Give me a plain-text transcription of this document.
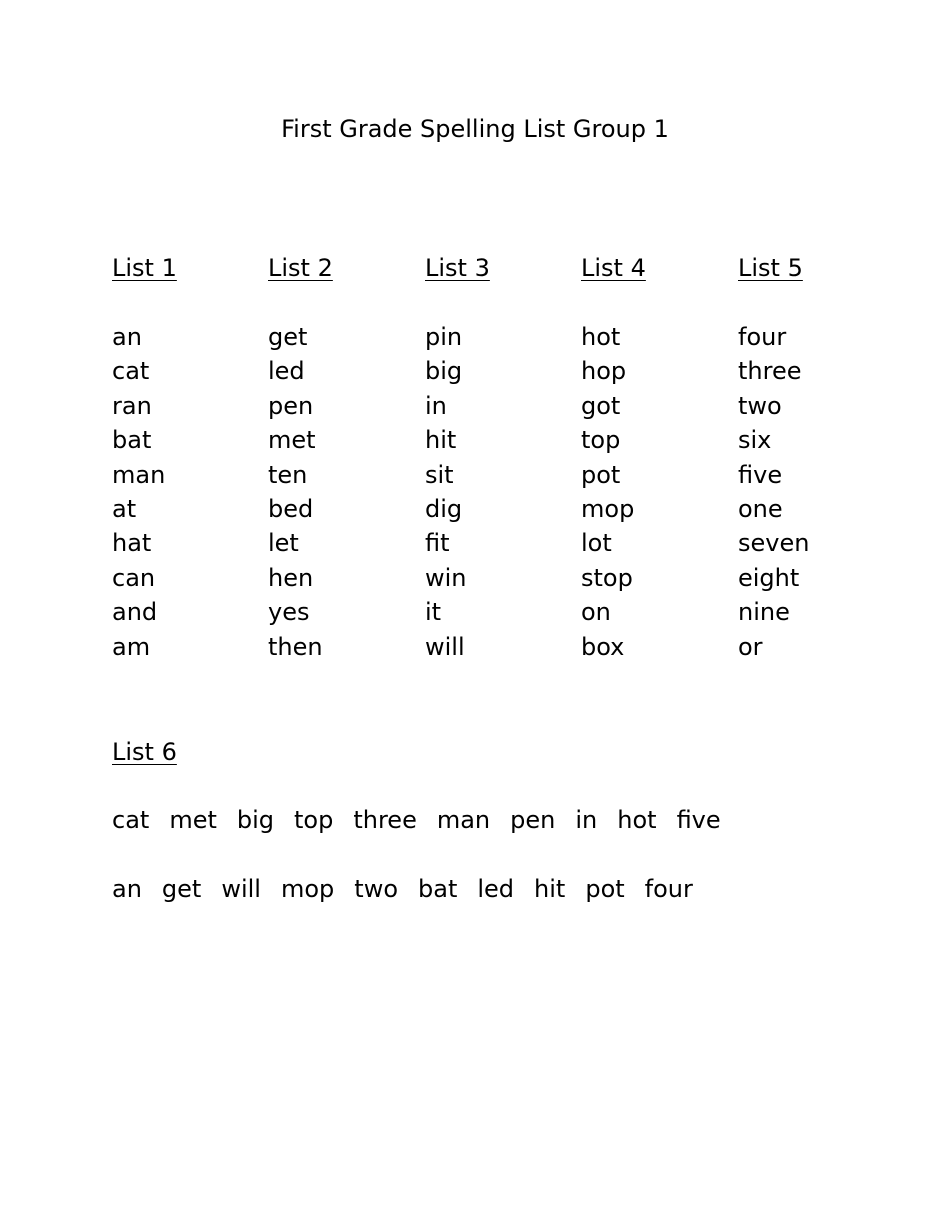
First Grade Spelling List Group 1
List 1
an
cat
ran
bat
man
at
hat
can
and
am
List 2
get
led
pen
met
ten
bed
let
hen
yes
then
List 3
pin
big
in
hit
sit
dig
fit
win
it
will
List 4
hot
hop
got
top
pot
mop
lot
stop
on
box
List 5
four
three
two
six
five
one
seven
eight
nine
or
List 6
cat met big top three man pen in hot five
an get will mop two bat led hit pot four
